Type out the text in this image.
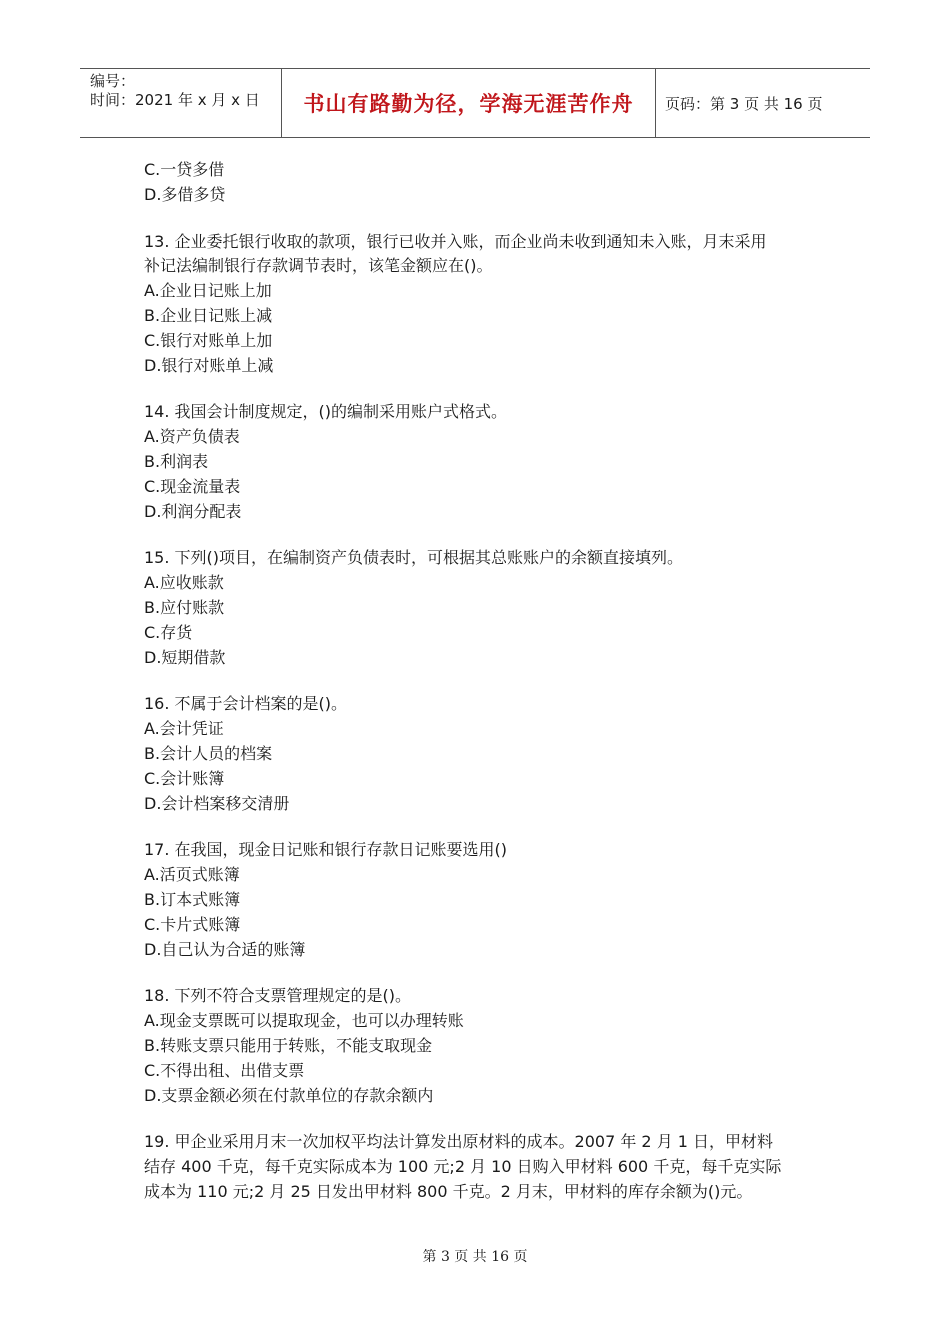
编号：
时间：2021 年 x 月 x 日 书山有路勤为径，学海无涯苦作舟	页码：第 3 页 共 16 页
C.一贷多借
D.多借多贷
13. 企业委托银行收取的款项，银行已收并入账，而企业尚未收到通知未入账，月末采用
补记法编制银行存款调节表时，该笔金额应在()。
A.企业日记账上加
B.企业日记账上减
C.银行对账单上加
D.银行对账单上减
14. 我国会计制度规定，()的编制采用账户式格式。
A.资产负债表
B.利润表
C.现金流量表
D.利润分配表
15. 下列()项目，在编制资产负债表时，可根据其总账账户的余额直接填列。
A.应收账款
B.应付账款
C.存货
D.短期借款
16. 不属于会计档案的是()。
A.会计凭证
B.会计人员的档案
C.会计账簿
D.会计档案移交清册
17. 在我国，现金日记账和银行存款日记账要选用()
A.活页式账簿
B.订本式账簿
C.卡片式账簿
D.自己认为合适的账簿
18. 下列不符合支票管理规定的是()。
A.现金支票既可以提取现金，也可以办理转账
B.转账支票只能用于转账，不能支取现金
C.不得出租、出借支票
D.支票金额必须在付款单位的存款余额内
19. 甲企业采用月末一次加权平均法计算发出原材料的成本。2007 年 2 月 1 日，甲材料
结存 400 千克，每千克实际成本为 100 元;2 月 10 日购入甲材料 600 千克，每千克实际
成本为 110 元;2 月 25 日发出甲材料 800 千克。2 月末，甲材料的库存余额为()元。
第 3 页 共 16 页
